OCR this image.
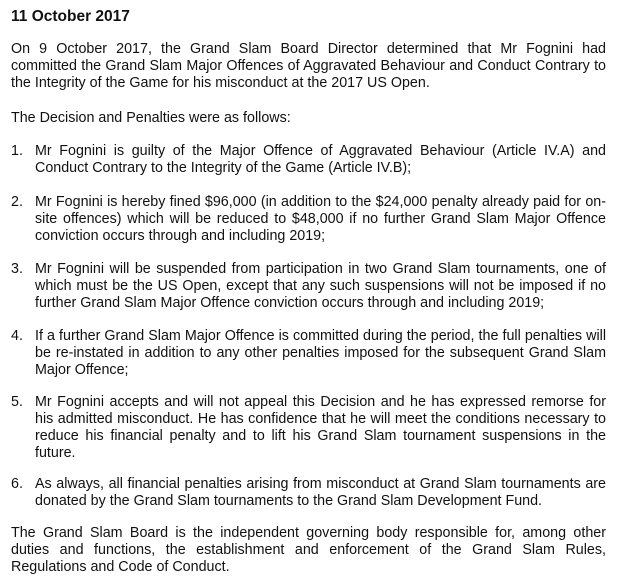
11 October 2017

On 9 October 2017, the Grand Slam Board Director determined that Mr Fognini had committed the Grand Slam Major Offences of Aggravated Behaviour and Conduct Contrary to the Integrity of the Game for his misconduct at the 2017 US Open.

The Decision and Penalties were as follows:

1. Mr Fognini is guilty of the Major Offence of Aggravated Behaviour (Article IV.A) and Conduct Contrary to the Integrity of the Game (Article IV.B);
2. Mr Fognini is hereby fined $96,000 (in addition to the $24,000 penalty already paid for on-site offences) which will be reduced to $48,000 if no further Grand Slam Major Offence conviction occurs through and including 2019;
3. Mr Fognini will be suspended from participation in two Grand Slam tournaments, one of which must be the US Open, except that any such suspensions will not be imposed if no further Grand Slam Major Offence conviction occurs through and including 2019;
4. If a further Grand Slam Major Offence is committed during the period, the full penalties will be re-instated in addition to any other penalties imposed for the subsequent Grand Slam Major Offence;
5. Mr Fognini accepts and will not appeal this Decision and he has expressed remorse for his admitted misconduct. He has confidence that he will meet the conditions necessary to reduce his financial penalty and to lift his Grand Slam tournament suspensions in the future.
6. As always, all financial penalties arising from misconduct at Grand Slam tournaments are donated by the Grand Slam tournaments to the Grand Slam Development Fund.

The Grand Slam Board is the independent governing body responsible for, among other duties and functions, the establishment and enforcement of the Grand Slam Rules, Regulations and Code of Conduct.
